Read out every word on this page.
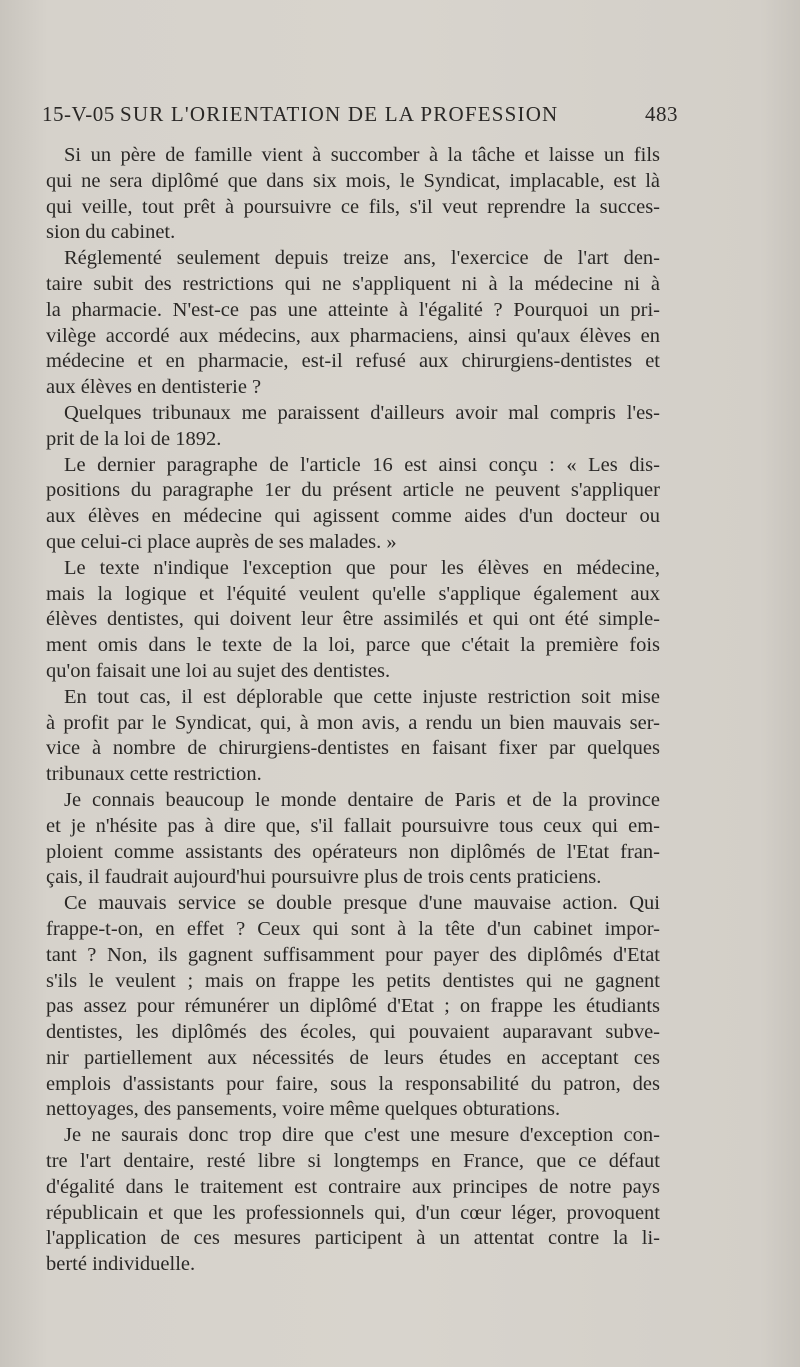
15-V-05 SUR L'ORIENTATION DE LA PROFESSION	483
Si un père de famille vient à succomber à la tâche et laisse un fils
qui ne sera diplômé que dans six mois, le Syndicat, implacable, est là
qui veille, tout prêt à poursuivre ce fils, s'il veut reprendre la succes-
sion du cabinet.
Réglementé seulement depuis treize ans, l'exercice de l'art den-
taire subit des restrictions qui ne s'appliquent ni à la médecine ni à
la pharmacie. N'est-ce pas une atteinte à l'égalité ? Pourquoi un pri-
vilège accordé aux médecins, aux pharmaciens, ainsi qu'aux élèves en
médecine et en pharmacie, est-il refusé aux chirurgiens-dentistes et
aux élèves en dentisterie ?
Quelques tribunaux me paraissent d'ailleurs avoir mal compris l'es-
prit de la loi de 1892.
Le dernier paragraphe de l'article 16 est ainsi conçu : « Les dis-
positions du paragraphe 1er du présent article ne peuvent s'appliquer
aux élèves en médecine qui agissent comme aides d'un docteur ou
que celui-ci place auprès de ses malades. »
Le texte n'indique l'exception que pour les élèves en médecine,
mais la logique et l'équité veulent qu'elle s'applique également aux
élèves dentistes, qui doivent leur être assimilés et qui ont été simple-
ment omis dans le texte de la loi, parce que c'était la première fois
qu'on faisait une loi au sujet des dentistes.
En tout cas, il est déplorable que cette injuste restriction soit mise
à profit par le Syndicat, qui, à mon avis, a rendu un bien mauvais ser-
vice à nombre de chirurgiens-dentistes en faisant fixer par quelques
tribunaux cette restriction.
Je connais beaucoup le monde dentaire de Paris et de la province
et je n'hésite pas à dire que, s'il fallait poursuivre tous ceux qui em-
ploient comme assistants des opérateurs non diplômés de l'Etat fran-
çais, il faudrait aujourd'hui poursuivre plus de trois cents praticiens.
Ce mauvais service se double presque d'une mauvaise action. Qui
frappe-t-on, en effet ? Ceux qui sont à la tête d'un cabinet impor-
tant ? Non, ils gagnent suffisamment pour payer des diplômés d'Etat
s'ils le veulent ; mais on frappe les petits dentistes qui ne gagnent
pas assez pour rémunérer un diplômé d'Etat ; on frappe les étudiants
dentistes, les diplômés des écoles, qui pouvaient auparavant subve-
nir partiellement aux nécessités de leurs études en acceptant ces
emplois d'assistants pour faire, sous la responsabilité du patron, des
nettoyages, des pansements, voire même quelques obturations.
Je ne saurais donc trop dire que c'est une mesure d'exception con-
tre l'art dentaire, resté libre si longtemps en France, que ce défaut
d'égalité dans le traitement est contraire aux principes de notre pays
républicain et que les professionnels qui, d'un cœur léger, provoquent
l'application de ces mesures participent à un attentat contre la li-
berté individuelle.
